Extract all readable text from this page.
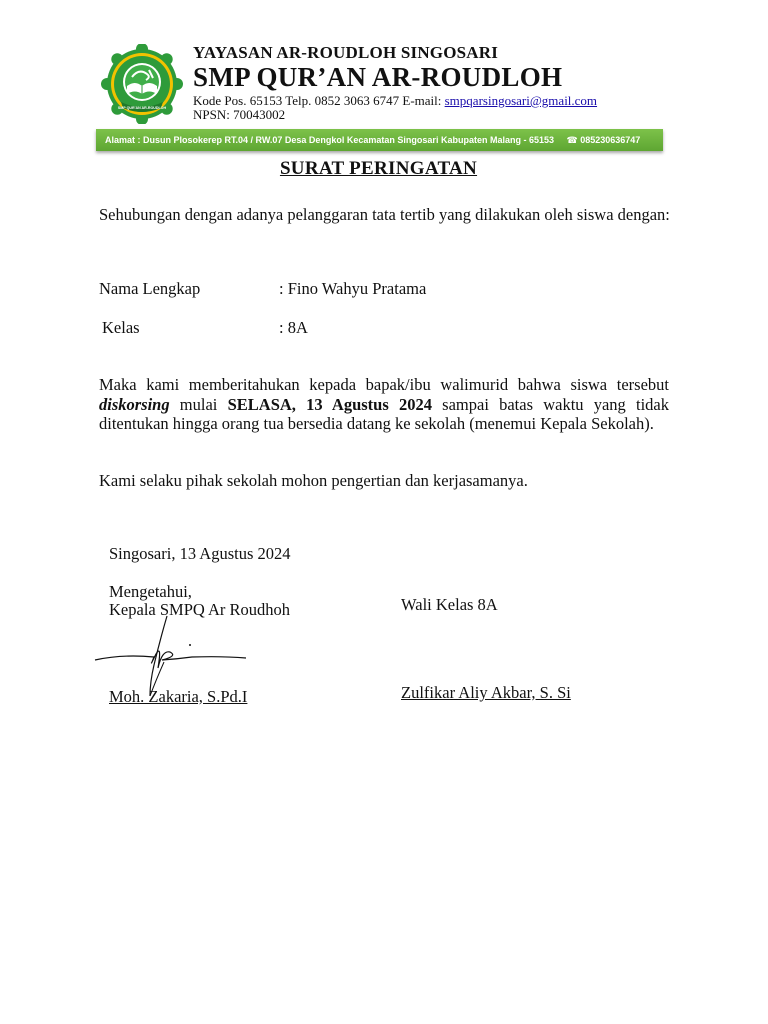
SMP QUR'AN AR-ROUDLOH
YAYASAN AR-ROUDLOH SINGOSARI
SMP QUR’AN AR-ROUDLOH
Kode Pos. 65153 Telp. 0852 3063 6747 E-mail: smpqarsingosari@gmail.com
NPSN: 70043002
Alamat : Dusun Plosokerep RT.04 / RW.07 Desa Dengkol Kecamatan Singosari Kabupaten Malang - 65153 ☎ 085230636747
SURAT PERINGATAN
Sehubungan dengan adanya pelanggaran tata tertib yang dilakukan oleh siswa dengan:
Nama Lengkap	: Fino Wahyu Pratama
Kelas	: 8A
Maka kami memberitahukan kepada bapak/ibu walimurid bahwa siswa tersebut diskorsing mulai SELASA, 13 Agustus 2024 sampai batas waktu yang tidak ditentukan hingga orang tua bersedia datang ke sekolah (menemui Kepala Sekolah).
Kami selaku pihak sekolah mohon pengertian dan kerjasamanya.
Singosari, 13 Agustus 2024
Mengetahui,
Kepala SMPQ Ar Roudhoh
Moh. Zakaria, S.Pd.I
Wali Kelas 8A
Zulfikar Aliy Akbar, S. Si
